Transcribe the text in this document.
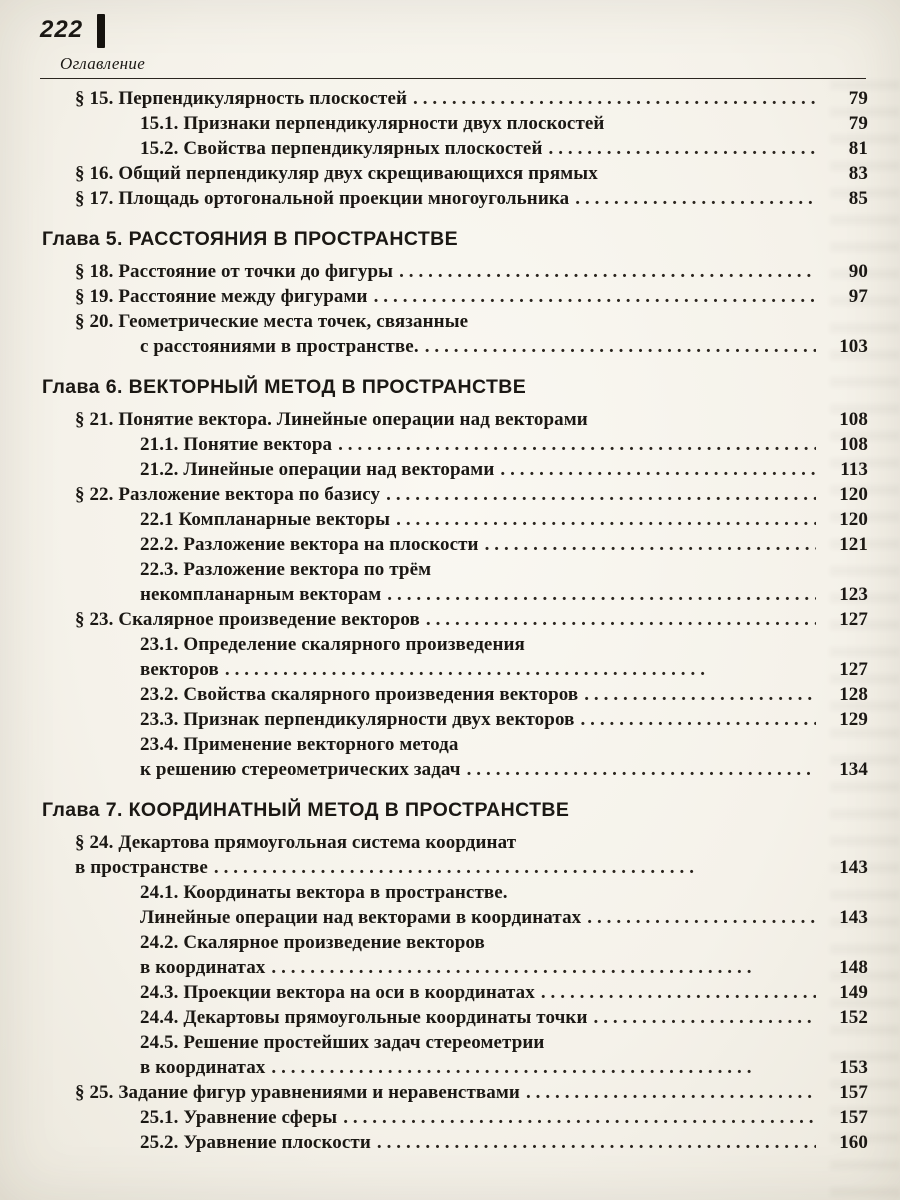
222
Оглавление
§ 15. Перпендикулярность плоскостей . .	79
15.1. Признаки перпендикулярности двух плоскостей	79
15.2. Свойства перпендикулярных плоскостей . .	81
§ 16. Общий перпендикуляр двух скрещивающихся прямых	83
§ 17. Площадь ортогональной проекции многоугольника . .	85
Глава 5. РАССТОЯНИЯ В ПРОСТРАНСТВЕ
§ 18. Расстояние от точки до фигуры . .	90
§ 19. Расстояние между фигурами . .	97
§ 20. Геометрические места точек, связанные
с расстояниями в пространстве. . .	103
Глава 6. ВЕКТОРНЫЙ МЕТОД В ПРОСТРАНСТВЕ
§ 21. Понятие вектора. Линейные операции над векторами	108
21.1. Понятие вектора . .	108
21.2. Линейные операции над векторами . .	113
§ 22. Разложение вектора по базису . .	120
22.1 Компланарные векторы . .	120
22.2. Разложение вектора на плоскости . .	121
22.3. Разложение вектора по трём
некомпланарным векторам . .	123
§ 23. Скалярное произведение векторов . .	127
23.1. Определение скалярного произведения
векторов . .	127
23.2. Свойства скалярного произведения векторов . .	128
23.3. Признак перпендикулярности двух векторов . .	129
23.4. Применение векторного метода
к решению стереометрических задач . .	134
Глава 7. КООРДИНАТНЫЙ МЕТОД В ПРОСТРАНСТВЕ
§ 24. Декартова прямоугольная система координат
в пространстве . .	143
24.1. Координаты вектора в пространстве.
Линейные операции над векторами в координатах . .	143
24.2. Скалярное произведение векторов
в координатах . .	148
24.3. Проекции вектора на оси в координатах . .	149
24.4. Декартовы прямоугольные координаты точки . .	152
24.5. Решение простейших задач стереометрии
в координатах . .	153
§ 25. Задание фигур уравнениями и неравенствами . .	157
25.1. Уравнение сферы . .	157
25.2. Уравнение плоскости . .	160
